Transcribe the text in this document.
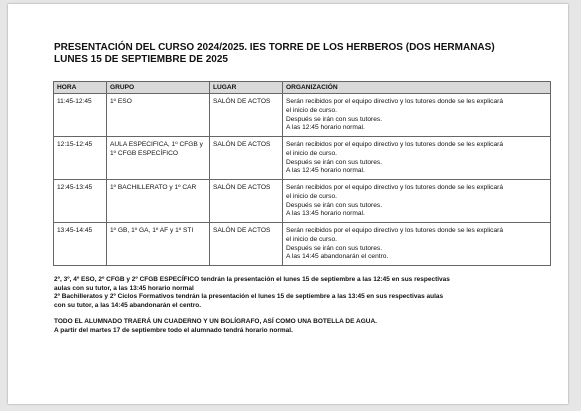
PRESENTACIÓN DEL CURSO 2024/2025. IES TORRE DE LOS HERBEROS (DOS HERMANAS)
LUNES 15 DE SEPTIEMBRE DE 2025
HORA	GRUPO	LUGAR	ORGANIZACIÓN
11:45-12:45	1º ESO	SALÓN DE ACTOS	Serán recibidos por el equipo directivo y los tutores donde se les explicará
el inicio de curso.
Después se irán con sus tutores.
A las 12:45 horario normal.

12:15-12:45	AULA ESPECIFICA, 1º CFGB y 1º CFGB ESPECÍFICO	SALÓN DE ACTOS	Serán recibidos por el equipo directivo y los tutores donde se les explicará
el inicio de curso.
Después se irán con sus tutores.
A las 12:45 horario normal.

12:45-13:45	1º BACHILLERATO y 1º CAR	SALÓN DE ACTOS	Serán recibidos por el equipo directivo y los tutores donde se les explicará
el inicio de curso.
Después se irán con sus tutores.
A las 13:45 horario normal.

13:45-14:45	1º GB, 1º GA, 1º AF y 1º STI	SALÓN DE ACTOS	Serán recibidos por el equipo directivo y los tutores donde se les explicará
el inicio de curso.
Después se irán con sus tutores.
A las 14:45 abandonarán el centro.

2º, 3º, 4º ESO, 2º CFGB y 2º CFGB ESPECÍFICO tendrán la presentación el lunes 15 de septiembre a las 12:45 en sus respectivas

aulas con su tutor, a las 13:45 horario normal

2º Bachilleratos y 2º Ciclos Formativos tendrán la presentación el lunes 15 de septiembre a las 13:45 en sus respectivas aulas

con su tutor, a las 14:45 abandonarán el centro.

TODO EL ALUMNADO TRAERÁ UN CUADERNO Y UN BOLÍGRAFO, ASÍ COMO UNA BOTELLA DE AGUA.

A partir del martes 17 de septiembre todo el alumnado tendrá horario normal.
